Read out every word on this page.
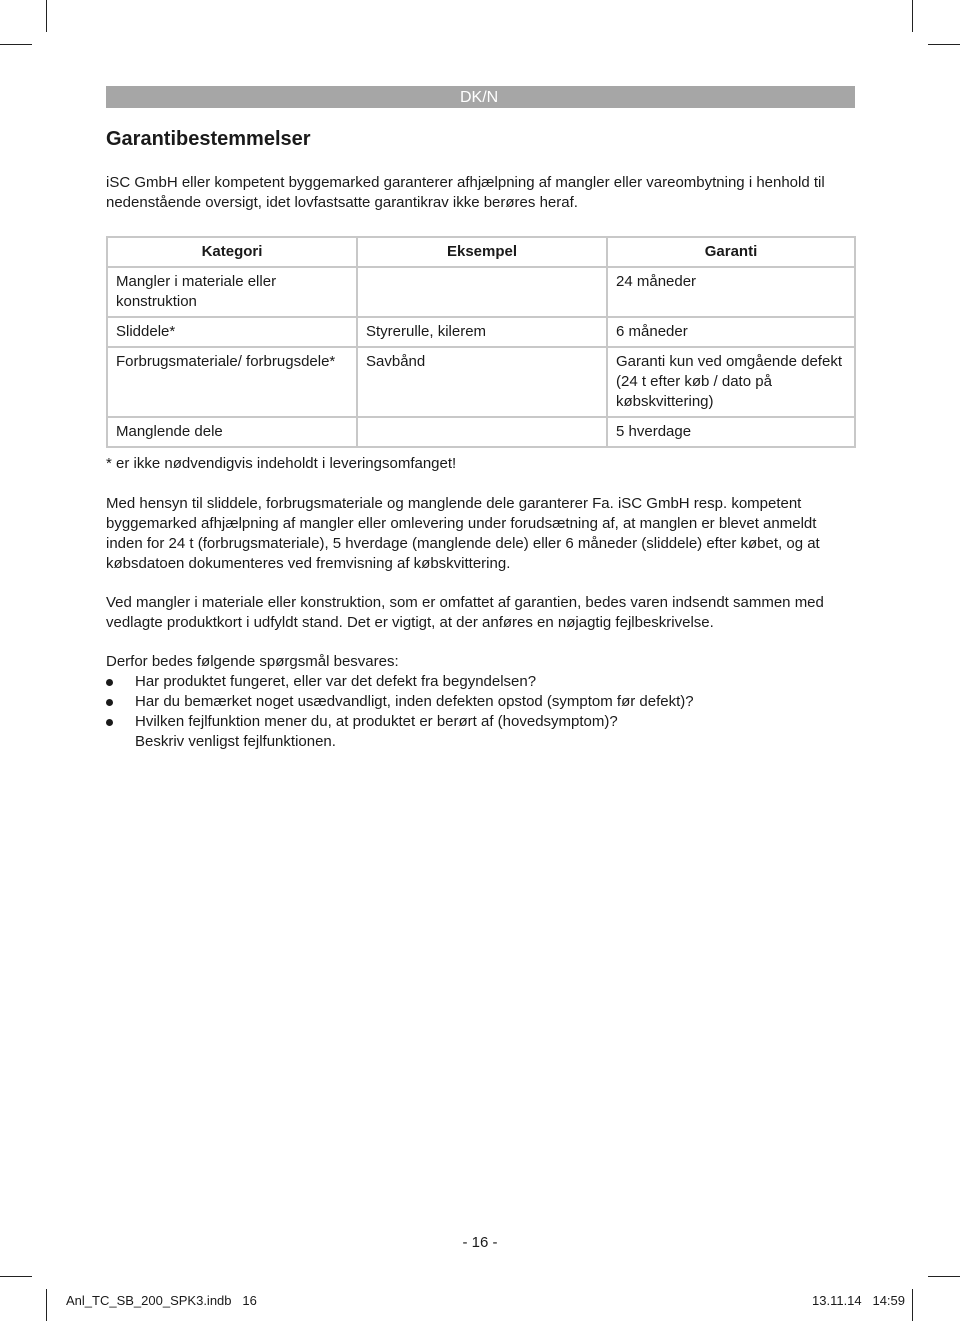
DK/N
Garantibestemmelser

iSC GmbH eller kompetent byggemarked garanterer afhjælpning af mangler eller vareombytning i henhold til nedenstående oversigt, idet lovfastsatte garantikrav ikke berøres heraf.

Kategori	Eksempel	Garanti
Mangler i materiale eller konstruktion		24 måneder
Sliddele*	Styrerulle, kilerem	6 måneder
Forbrugsmateriale/ forbrugsdele*	Savbånd	Garanti kun ved omgående defekt (24 t efter køb / dato på købskvittering)
Manglende dele		5 hverdage

* er ikke nødvendigvis indeholdt i leveringsomfanget!

Med hensyn til sliddele, forbrugsmateriale og manglende dele garanterer Fa. iSC GmbH resp. kompetent byggemarked afhjælpning af mangler eller omlevering under forudsætning af, at manglen er blevet anmeldt inden for 24 t (forbrugsmateriale), 5 hverdage (manglende dele) eller 6 måneder (sliddele) efter købet, og at købsdatoen dokumenteres ved fremvisning af købskvittering.

Ved mangler i materiale eller konstruktion, som er omfattet af garantien, bedes varen indsendt sammen med vedlagte produktkort i udfyldt stand. Det er vigtigt, at der anføres en nøjagtig fejlbeskrivelse.

Derfor bedes følgende spørgsmål besvares:

Har produktet fungeret, eller var det defekt fra begyndelsen?
Har du bemærket noget usædvandligt, inden defekten opstod (symptom før defekt)?
Hvilken fejlfunktion mener du, at produktet er berørt af (hovedsymptom)?
Beskriv venligst fejlfunktionen.
- 16 -
Anl_TC_SB_200_SPK3.indb   16	13.11.14   14:59
